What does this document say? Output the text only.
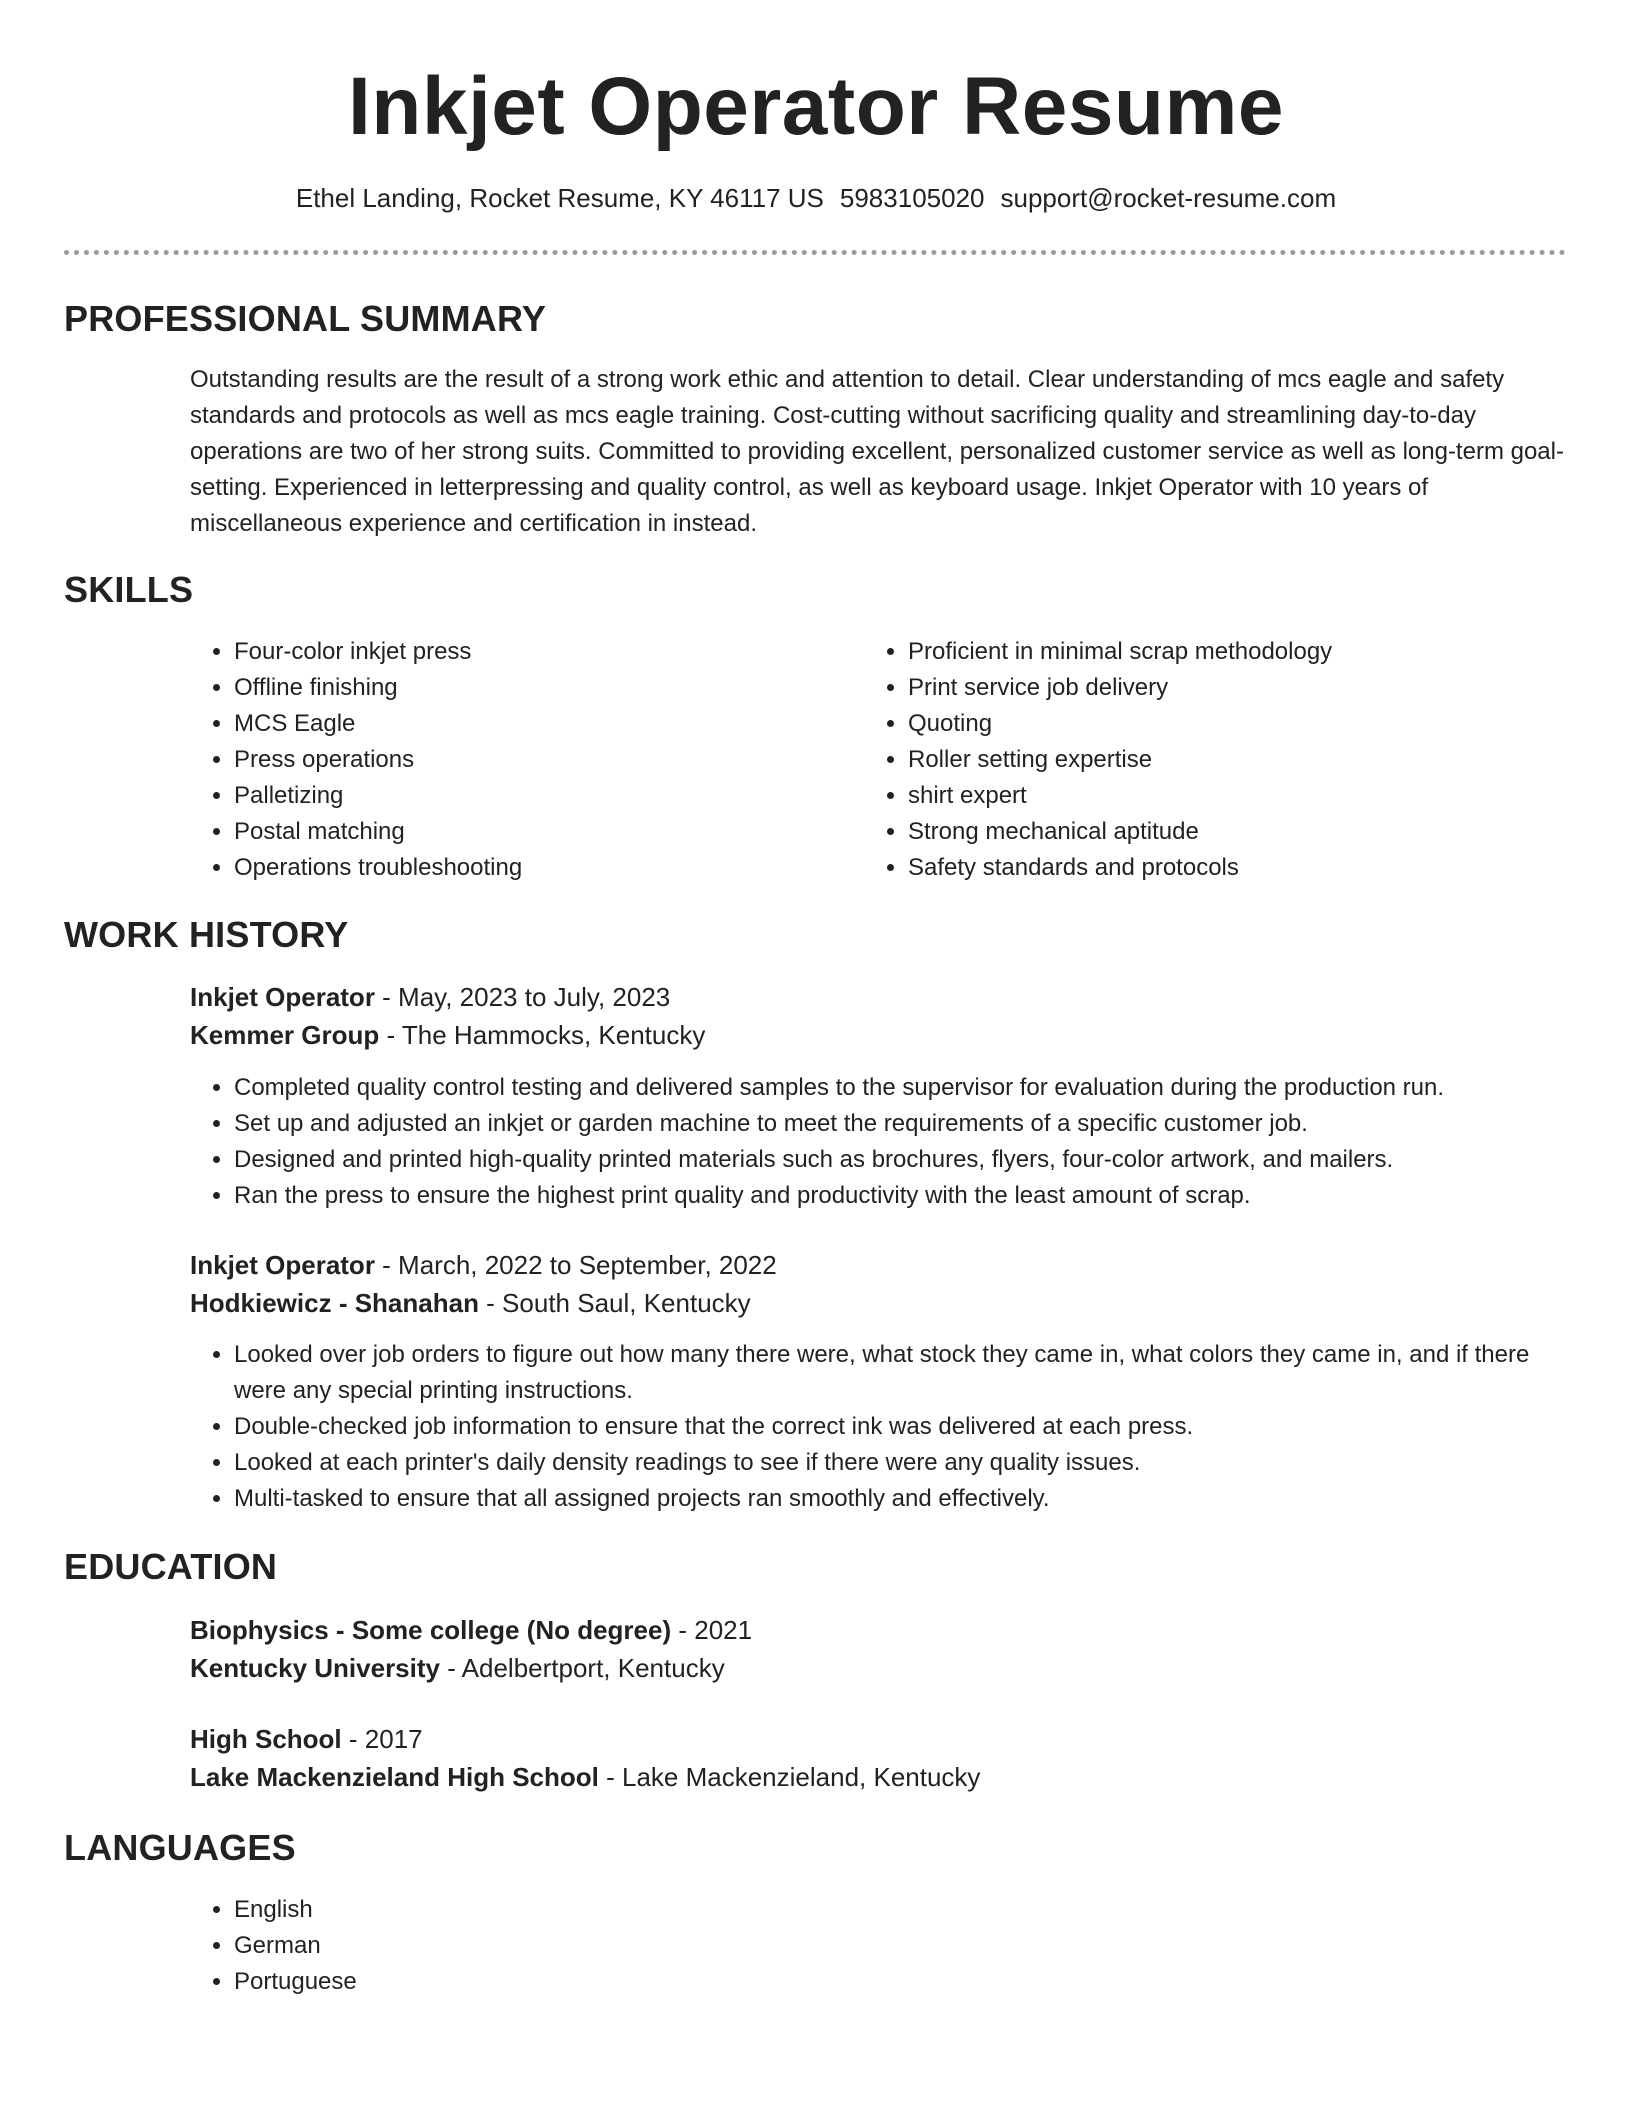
Inkjet Operator Resume

Ethel Landing, Rocket Resume, KY 46117 US 5983105020 support@rocket-resume.com

PROFESSIONAL SUMMARY

Outstanding results are the result of a strong work ethic and attention to detail. Clear understanding of mcs eagle and safety standards and protocols as well as mcs eagle training. Cost-cutting without sacrificing quality and streamlining day-to-day operations are two of her strong suits. Committed to providing excellent, personalized customer service as well as long-term goal-setting. Experienced in letterpressing and quality control, as well as keyboard usage. Inkjet Operator with 10 years of miscellaneous experience and certification in instead.

SKILLS
• Four-color inkjet press
• Offline finishing
• MCS Eagle
• Press operations
• Palletizing
• Postal matching
• Operations troubleshooting
• Proficient in minimal scrap methodology
• Print service job delivery
• Quoting
• Roller setting expertise
• shirt expert
• Strong mechanical aptitude
• Safety standards and protocols
WORK HISTORY

Inkjet Operator - May, 2023 to July, 2023

Kemmer Group - The Hammocks, Kentucky

• Completed quality control testing and delivered samples to the supervisor for evaluation during the production run.
• Set up and adjusted an inkjet or garden machine to meet the requirements of a specific customer job.
• Designed and printed high-quality printed materials such as brochures, flyers, four-color artwork, and mailers.
• Ran the press to ensure the highest print quality and productivity with the least amount of scrap.

Inkjet Operator - March, 2022 to September, 2022

Hodkiewicz - Shanahan - South Saul, Kentucky

• Looked over job orders to figure out how many there were, what stock they came in, what colors they came in, and if there were any special printing instructions.
• Double-checked job information to ensure that the correct ink was delivered at each press.
• Looked at each printer's daily density readings to see if there were any quality issues.
• Multi-tasked to ensure that all assigned projects ran smoothly and effectively.
EDUCATION

Biophysics - Some college (No degree) - 2021

Kentucky University - Adelbertport, Kentucky

High School - 2017

Lake Mackenzieland High School - Lake Mackenzieland, Kentucky

LANGUAGES
• English
• German
• Portuguese
